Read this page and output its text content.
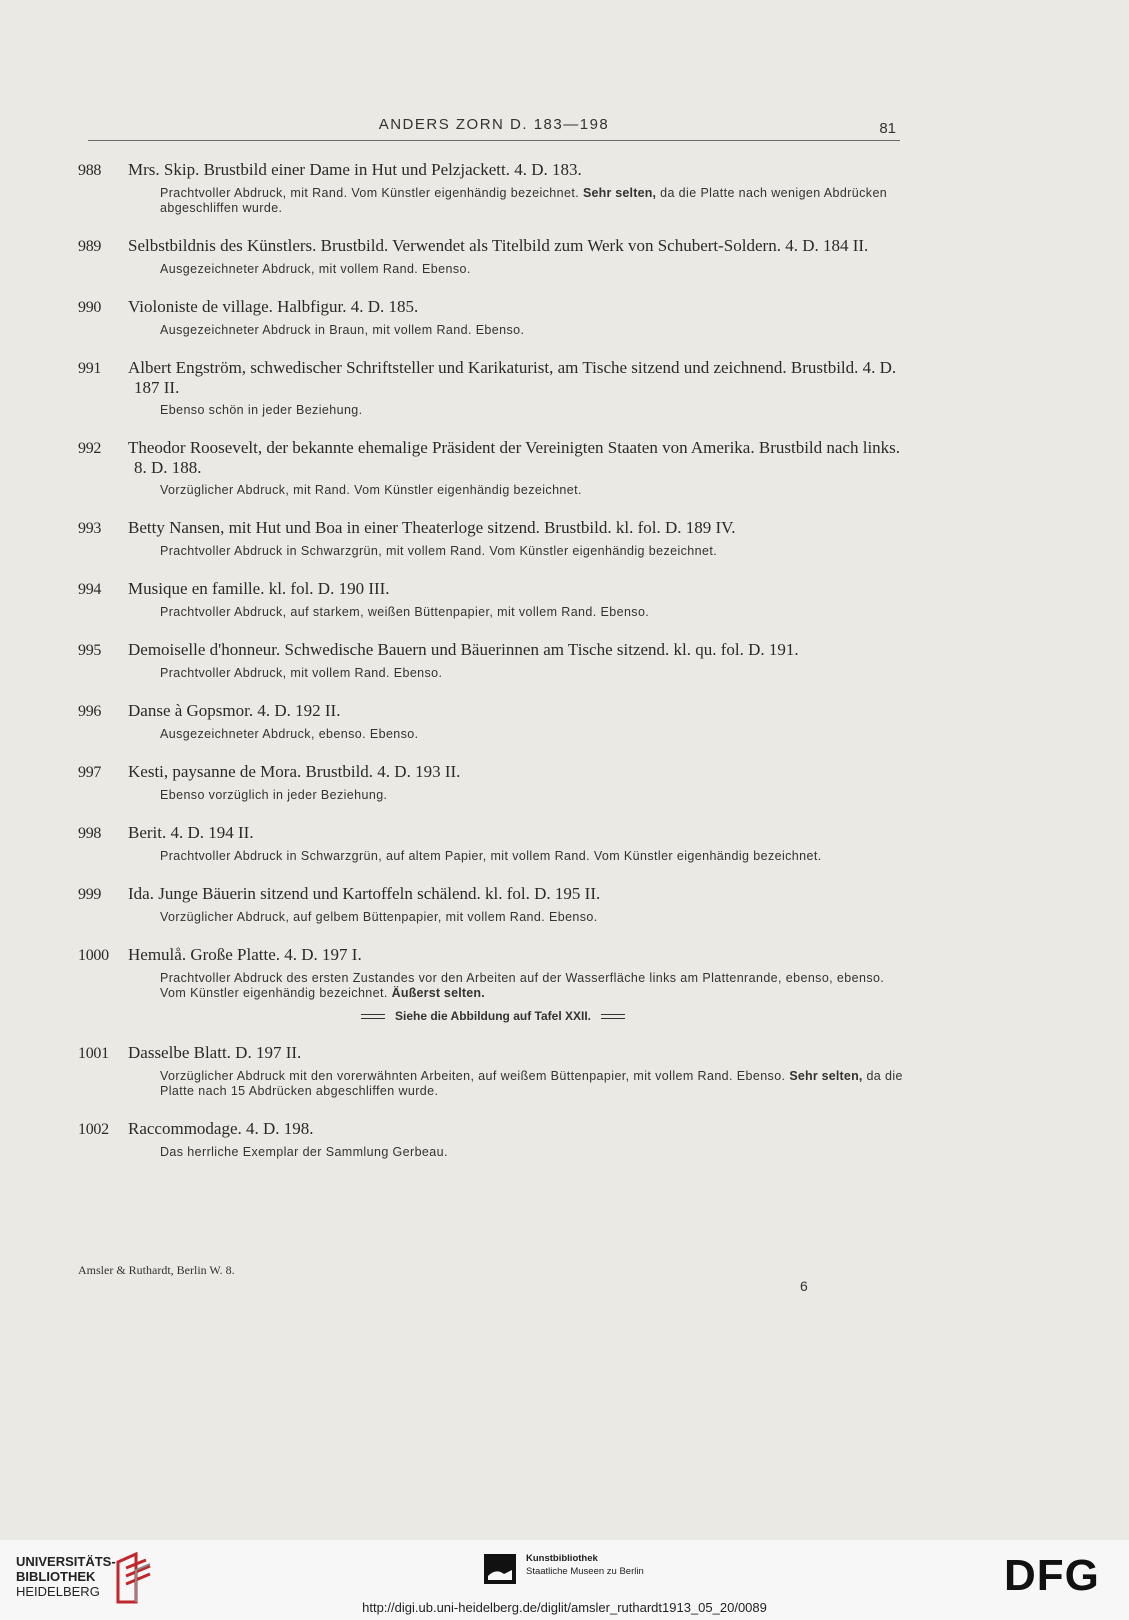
ANDERS ZORN D. 183—198	81
988 Mrs. Skip. Brustbild einer Dame in Hut und Pelzjackett. 4. D. 183.
Prachtvoller Abdruck, mit Rand. Vom Künstler eigenhändig bezeichnet. Sehr selten, da die Platte nach wenigen Abdrücken abgeschliffen wurde.
989 Selbstbildnis des Künstlers. Brustbild. Verwendet als Titelbild zum Werk von Schubert-Soldern. 4. D. 184 II.
Ausgezeichneter Abdruck, mit vollem Rand. Ebenso.
990 Violoniste de village. Halbfigur. 4. D. 185.
Ausgezeichneter Abdruck in Braun, mit vollem Rand. Ebenso.
991 Albert Engström, schwedischer Schriftsteller und Karikaturist, am Tische sitzend und zeichnend. Brustbild. 4. D. 187 II.
Ebenso schön in jeder Beziehung.
992 Theodor Roosevelt, der bekannte ehemalige Präsident der Vereinigten Staaten von Amerika. Brustbild nach links. 8. D. 188.
Vorzüglicher Abdruck, mit Rand. Vom Künstler eigenhändig bezeichnet.
993 Betty Nansen, mit Hut und Boa in einer Theaterloge sitzend. Brustbild. kl. fol. D. 189 IV.
Prachtvoller Abdruck in Schwarzgrün, mit vollem Rand. Vom Künstler eigenhändig bezeichnet.
994 Musique en famille. kl. fol. D. 190 III.
Prachtvoller Abdruck, auf starkem, weißen Büttenpapier, mit vollem Rand. Ebenso.
995 Demoiselle d'honneur. Schwedische Bauern und Bäuerinnen am Tische sitzend. kl. qu. fol. D. 191.
Prachtvoller Abdruck, mit vollem Rand. Ebenso.
996 Danse à Gopsmor. 4. D. 192 II.
Ausgezeichneter Abdruck, ebenso. Ebenso.
997 Kesti, paysanne de Mora. Brustbild. 4. D. 193 II.
Ebenso vorzüglich in jeder Beziehung.
998 Berit. 4. D. 194 II.
Prachtvoller Abdruck in Schwarzgrün, auf altem Papier, mit vollem Rand. Vom Künstler eigenhändig bezeichnet.
999 Ida. Junge Bäuerin sitzend und Kartoffeln schälend. kl. fol. D. 195 II.
Vorzüglicher Abdruck, auf gelbem Büttenpapier, mit vollem Rand. Ebenso.
1000 Hemulå. Große Platte. 4. D. 197 I.
Prachtvoller Abdruck des ersten Zustandes vor den Arbeiten auf der Wasserfläche links am Plattenrande, ebenso, ebenso. Vom Künstler eigenhändig bezeichnet. Äußerst selten.
Siehe die Abbildung auf Tafel XXII.
1001 Dasselbe Blatt. D. 197 II.
Vorzüglicher Abdruck mit den vorerwähnten Arbeiten, auf weißem Büttenpapier, mit vollem Rand. Ebenso. Sehr selten, da die Platte nach 15 Abdrücken abgeschliffen wurde.
1002 Raccommodage. 4. D. 198.
Das herrliche Exemplar der Sammlung Gerbeau.
Amsler & Ruthardt, Berlin W. 8.
6
UNIVERSITÄTS-
BIBLIOTHEK
HEIDELBERG
Kunstbibliothek
Staatliche Museen zu Berlin	DFG
http://digi.ub.uni-heidelberg.de/diglit/amsler_ruthardt1913_05_20/0089
